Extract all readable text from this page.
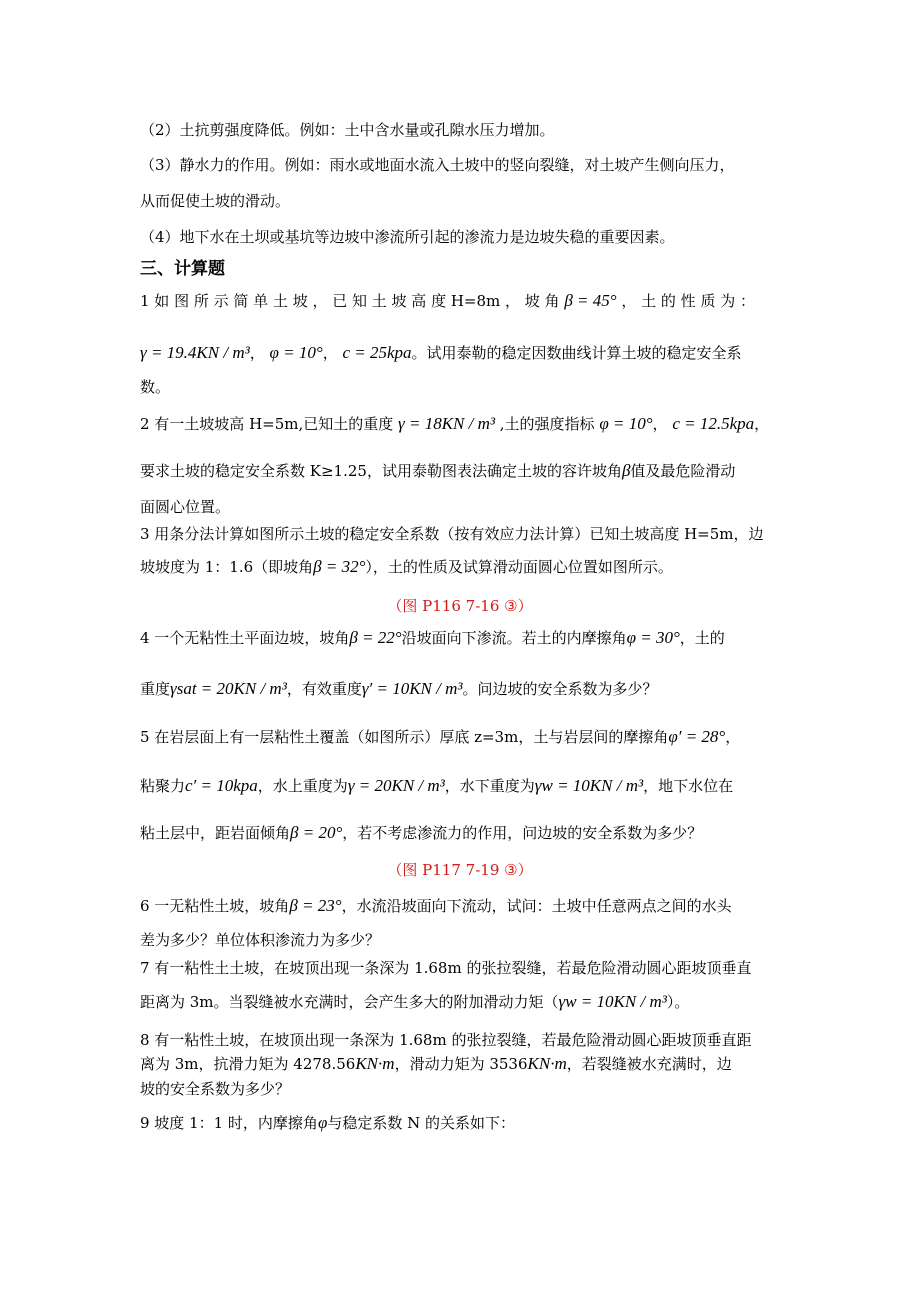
（2）土抗剪强度降低。例如：土中含水量或孔隙水压力增加。
（3）静水力的作用。例如：雨水或地面水流入土坡中的竖向裂缝，对土坡产生侧向压力，
从而促使土坡的滑动。
（4）地下水在土坝或基坑等边坡中渗流所引起的渗流力是边坡失稳的重要因素。
三、计算题
1 如 图 所 示 简 单 土 坡 ， 已 知 土 坡 高 度 H=8m ， 坡 角 β = 45° ， 土 的 性 质 为 ：
γ = 19.4KN / m³， φ = 10°， c = 25kpa。试用泰勒的稳定因数曲线计算土坡的稳定安全系
数。
2 有一土坡坡高 H=5m,已知土的重度 γ = 18KN / m³ ,土的强度指标 φ = 10°， c = 12.5kpa，
要求土坡的稳定安全系数 K≥1.25，试用泰勒图表法确定土坡的容许坡角β值及最危险滑动
面圆心位置。
3 用条分法计算如图所示土坡的稳定安全系数（按有效应力法计算）已知土坡高度 H=5m，边
坡坡度为 1：1.6（即坡角β = 32°），土的性质及试算滑动面圆心位置如图所示。
（图 P116 7-16 ③）
4 一个无粘性土平面边坡，坡角β = 22°沿坡面向下渗流。若土的内摩擦角φ = 30°，土的
重度γsat = 20KN / m³，有效重度γ′ = 10KN / m³。问边坡的安全系数为多少？
5 在岩层面上有一层粘性土覆盖（如图所示）厚底 z=3m，土与岩层间的摩擦角φ′ = 28°，
粘聚力c′ = 10kpa，水上重度为γ = 20KN / m³，水下重度为γw = 10KN / m³，地下水位在
粘土层中，距岩面倾角β = 20°，若不考虑渗流力的作用，问边坡的安全系数为多少？
（图 P117 7-19 ③）
6 一无粘性土坡，坡角β = 23°，水流沿坡面向下流动，试问：土坡中任意两点之间的水头
差为多少？单位体积渗流力为多少？
7 有一粘性土土坡，在坡顶出现一条深为 1.68m 的张拉裂缝，若最危险滑动圆心距坡顶垂直
距离为 3m。当裂缝被水充满时，会产生多大的附加滑动力矩（γw = 10KN / m³）。
8 有一粘性土坡，在坡顶出现一条深为 1.68m 的张拉裂缝，若最危险滑动圆心距坡顶垂直距
离为 3m，抗滑力矩为 4278.56KN·m，滑动力矩为 3536KN·m，若裂缝被水充满时，边
坡的安全系数为多少？
9 坡度 1：1 时，内摩擦角φ与稳定系数 N 的关系如下：
